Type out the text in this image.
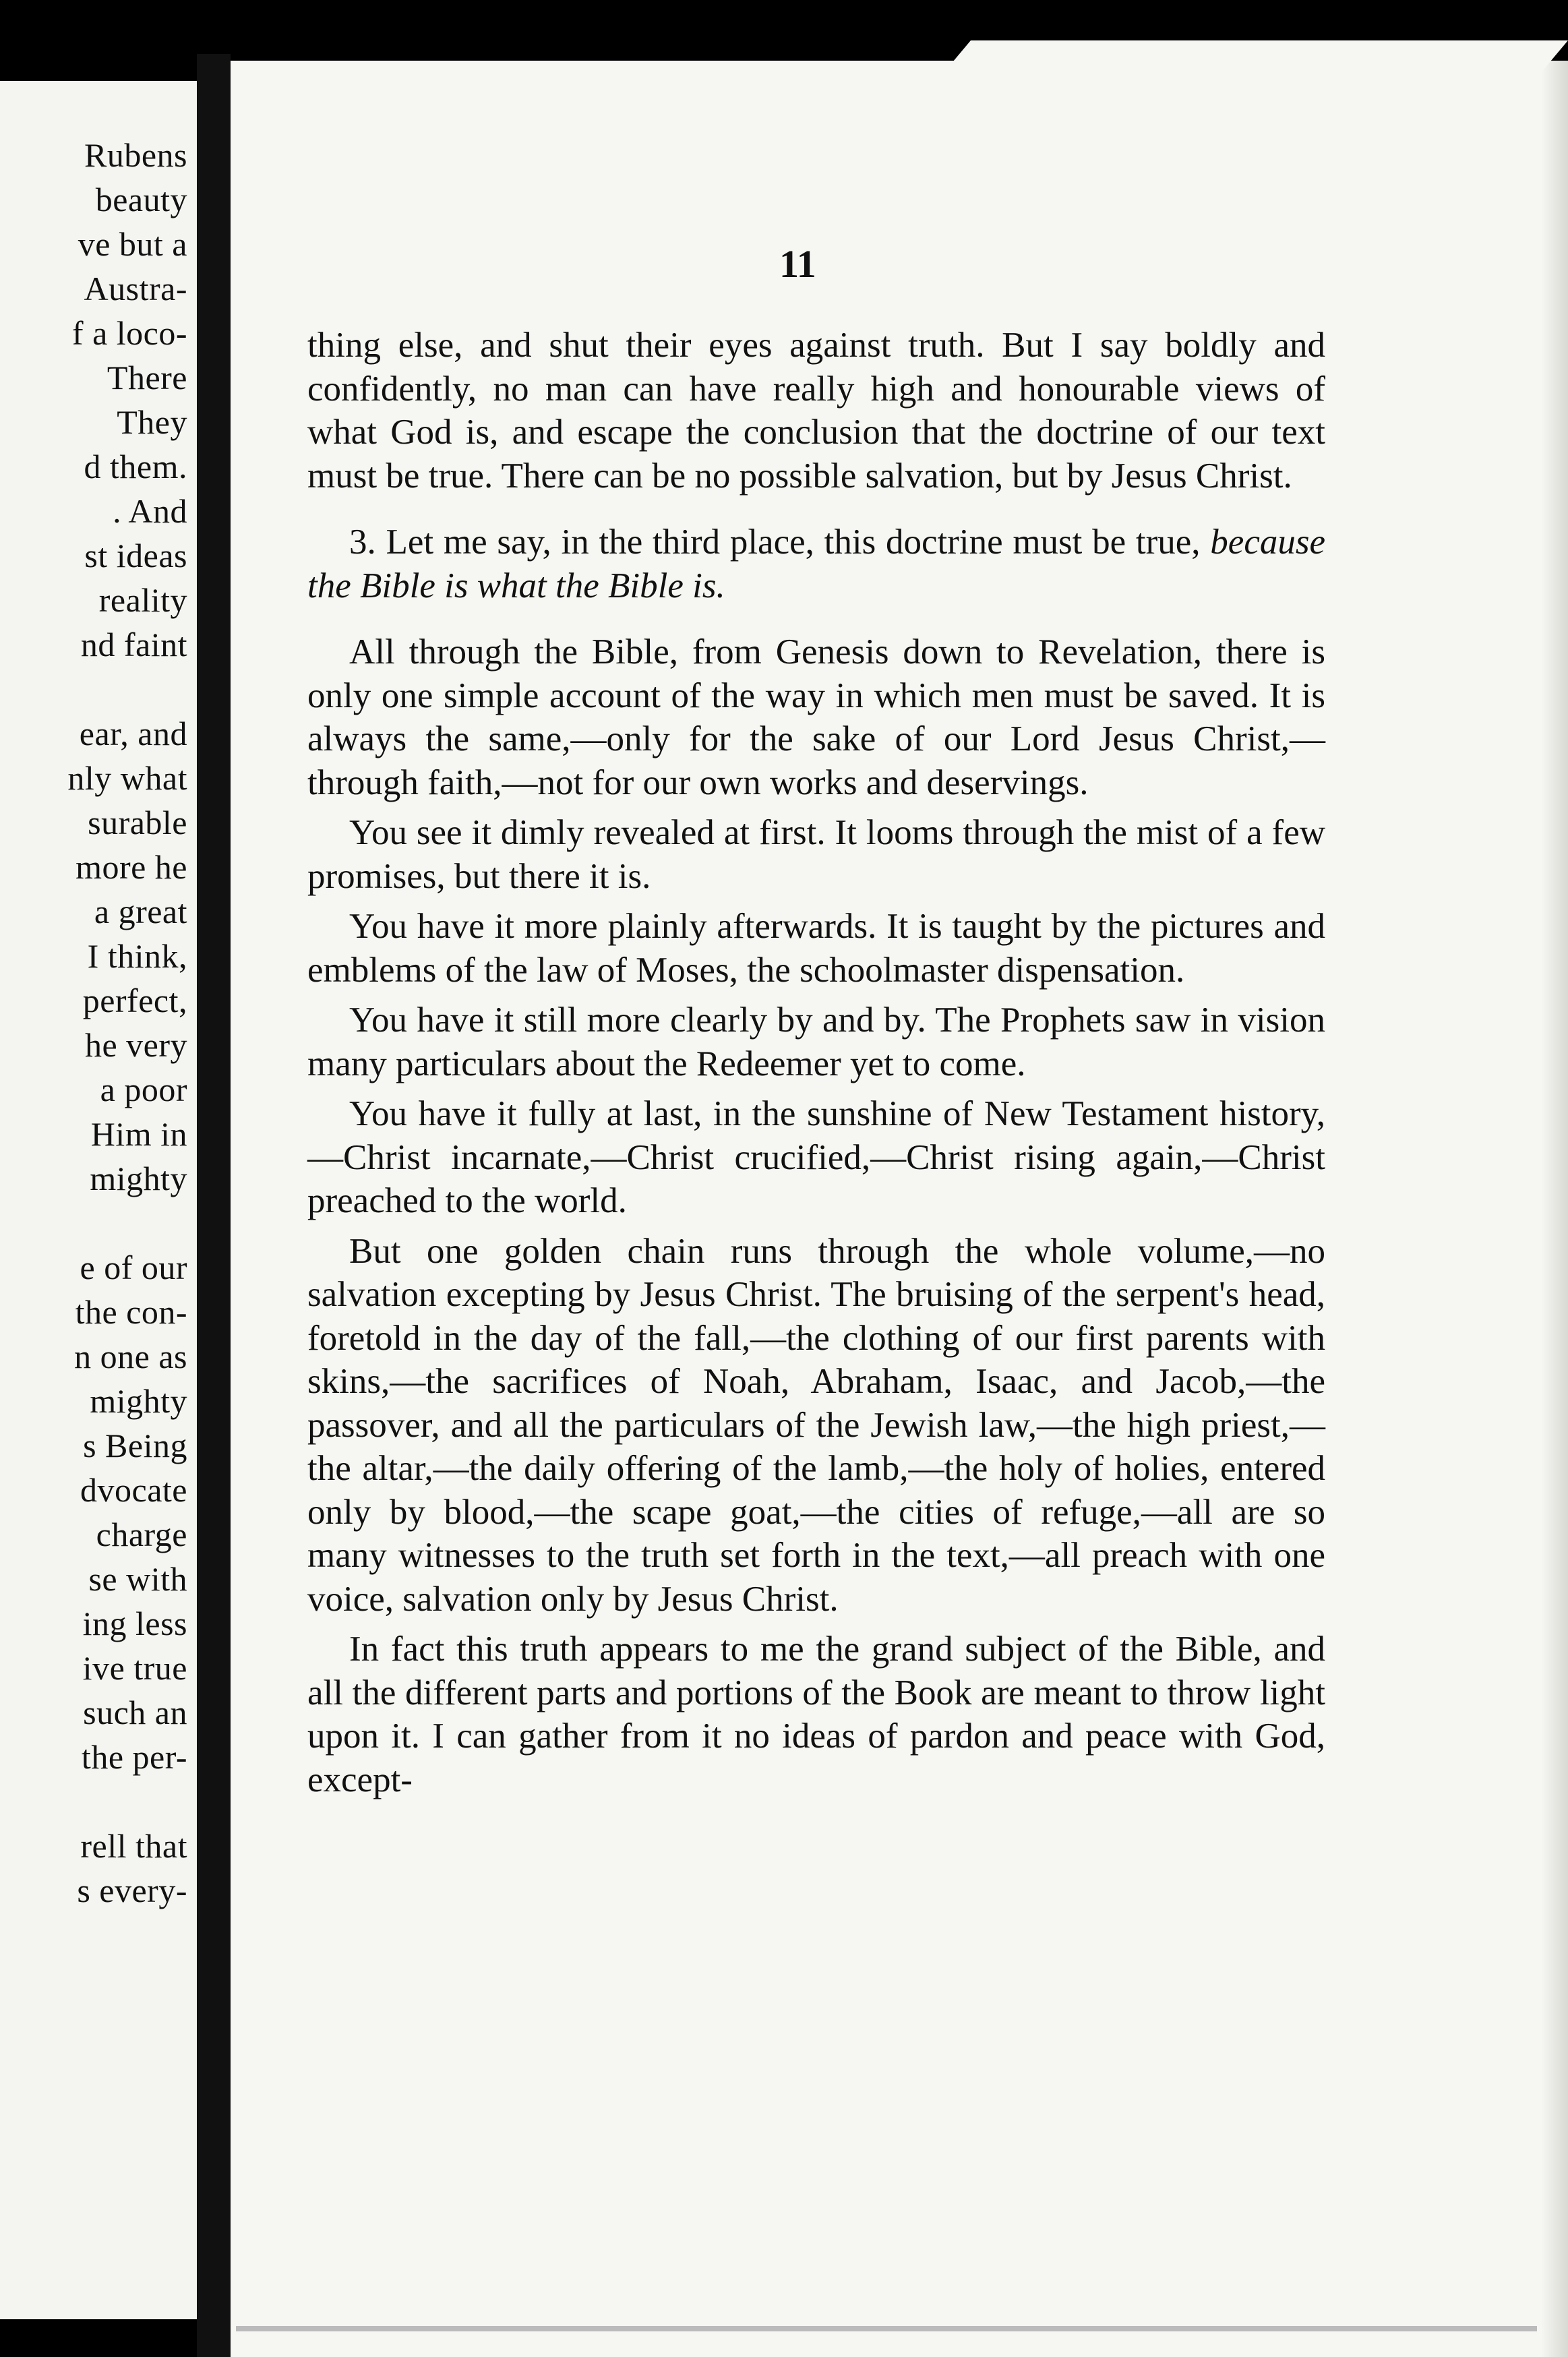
Rubens
beauty
ve but a
Austra-
f a loco-
There
They
d them.
. And
st ideas
reality
nd faint
ear, and
nly what
surable
more he
a great
I think,
perfect,
he very
a poor
Him in
mighty
e of our
the con-
n one as
mighty
s Being
dvocate
charge
se with
ing less
ive true
such an
the per-
rell that
s every-
11

thing else, and shut their eyes against truth. But I say boldly and confidently, no man can have really high and honourable views of what God is, and escape the conclusion that the doctrine of our text must be true. There can be no possible salvation, but by Jesus Christ.

3. Let me say, in the third place, this doctrine must be true, because the Bible is what the Bible is.

All through the Bible, from Genesis down to Revelation, there is only one simple account of the way in which men must be saved. It is always the same,—only for the sake of our Lord Jesus Christ,—through faith,—not for our own works and deservings.

You see it dimly revealed at first. It looms through the mist of a few promises, but there it is.

You have it more plainly afterwards. It is taught by the pictures and emblems of the law of Moses, the schoolmaster dispensation.

You have it still more clearly by and by. The Prophets saw in vision many particulars about the Redeemer yet to come.

You have it fully at last, in the sunshine of New Testament history,—Christ incarnate,—Christ crucified,—Christ rising again,—Christ preached to the world.

But one golden chain runs through the whole volume,—no salvation excepting by Jesus Christ. The bruising of the serpent's head, foretold in the day of the fall,—the clothing of our first parents with skins,—the sacrifices of Noah, Abraham, Isaac, and Jacob,—the passover, and all the particulars of the Jewish law,—the high priest,—the altar,—the daily offering of the lamb,—the holy of holies, entered only by blood,—the scape goat,—the cities of refuge,—all are so many witnesses to the truth set forth in the text,—all preach with one voice, salvation only by Jesus Christ.

In fact this truth appears to me the grand subject of the Bible, and all the different parts and portions of the Book are meant to throw light upon it. I can gather from it no ideas of pardon and peace with God, except-
